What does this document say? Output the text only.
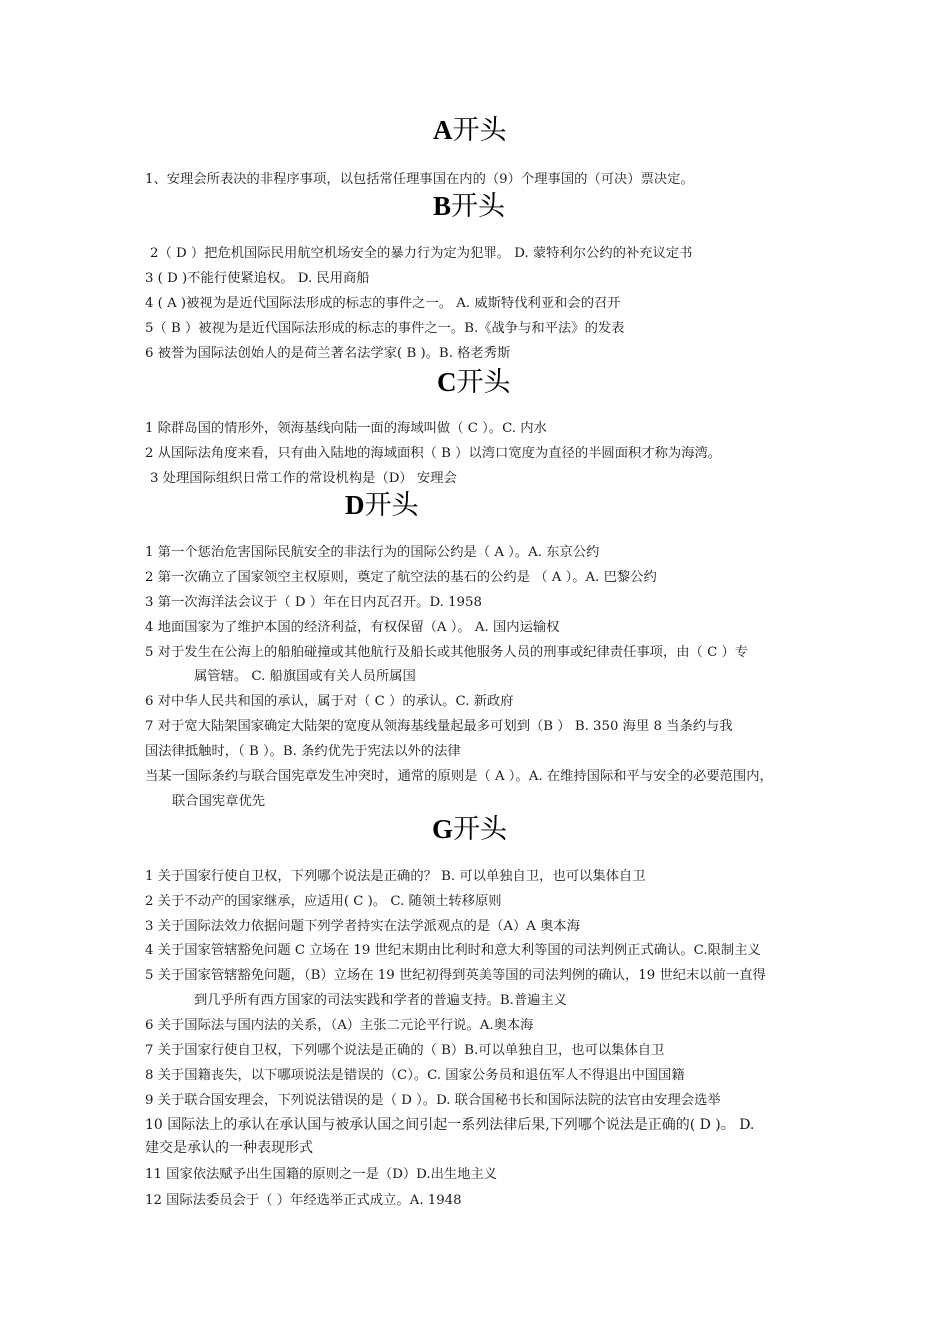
A开头
1、安理会所表决的非程序事项，以包括常任理事国在内的（9）个理事国的（可决）票决定。
B开头
2（ D ）把危机国际民用航空机场安全的暴力行为定为犯罪。 D. 蒙特利尔公约的补充议定书
3 ( D )不能行使紧追权。 D. 民用商船
4 ( A )被视为是近代国际法形成的标志的事件之一。 A. 威斯特伐利亚和会的召开
5（ B ）被视为是近代国际法形成的标志的事件之一。B.《战争与和平法》的发表
6 被誉为国际法创始人的是荷兰著名法学家( B )。B. 格老秀斯
C开头
1 除群岛国的情形外，领海基线向陆一面的海域叫做（ C ）。C. 内水
2 从国际法角度来看，只有曲入陆地的海域面积（ B ）以湾口宽度为直径的半圆面积才称为海湾。
3 处理国际组织日常工作的常设机构是（D） 安理会
D开头
1 第一个惩治危害国际民航安全的非法行为的国际公约是（ A ）。A. 东京公约
2 第一次确立了国家领空主权原则，奠定了航空法的基石的公约是 （ A ）。A. 巴黎公约
3 第一次海洋法会议于（ D ）年在日内瓦召开。D. 1958
4 地面国家为了维护本国的经济利益，有权保留（A ）。 A. 国内运输权
5 对于发生在公海上的船舶碰撞或其他航行及船长或其他服务人员的刑事或纪律责任事项，由（ C ）专
属管辖。 C. 船旗国或有关人员所属国
6 对中华人民共和国的承认，属于对（ C ）的承认。C. 新政府
7 对于宽大陆架国家确定大陆架的宽度从领海基线量起最多可划到（B ） B. 350 海里 8 当条约与我
国法律抵触时，（ B ）。B. 条约优先于宪法以外的法律
当某一国际条约与联合国宪章发生冲突时，通常的原则是（ A ）。A. 在维持国际和平与安全的必要范围内，
联合国宪章优先
G开头
1 关于国家行使自卫权，下列哪个说法是正确的？ B. 可以单独自卫，也可以集体自卫
2 关于不动产的国家继承，应适用( C )。 C. 随领土转移原则
3 关于国际法效力依据问题下列学者持实在法学派观点的是（A）A 奥本海
4 关于国家管辖豁免问题 C 立场在 19 世纪末期由比利时和意大利等国的司法判例正式确认。C.限制主义
5 关于国家管辖豁免问题，（B）立场在 19 世纪初得到英美等国的司法判例的确认，19 世纪末以前一直得
到几乎所有西方国家的司法实践和学者的普遍支持。B.普遍主义
6 关于国际法与国内法的关系，（A）主张二元论平行说。A.奥本海
7 关于国家行使自卫权，下列哪个说法是正确的（ B）B.可以单独自卫，也可以集体自卫
8 关于国籍丧失，以下哪项说法是错误的（C）。C. 国家公务员和退伍军人不得退出中国国籍
9 关于联合国安理会，下列说法错误的是（ D ）。D. 联合国秘书长和国际法院的法官由安理会选举
10 国际法上的承认在承认国与被承认国之间引起一系列法律后果,下列哪个说法是正确的( D )。 D.
建交是承认的一种表现形式
11 国家依法赋予出生国籍的原则之一是（D）D.出生地主义
12 国际法委员会于（ ）年经选举正式成立。A. 1948
